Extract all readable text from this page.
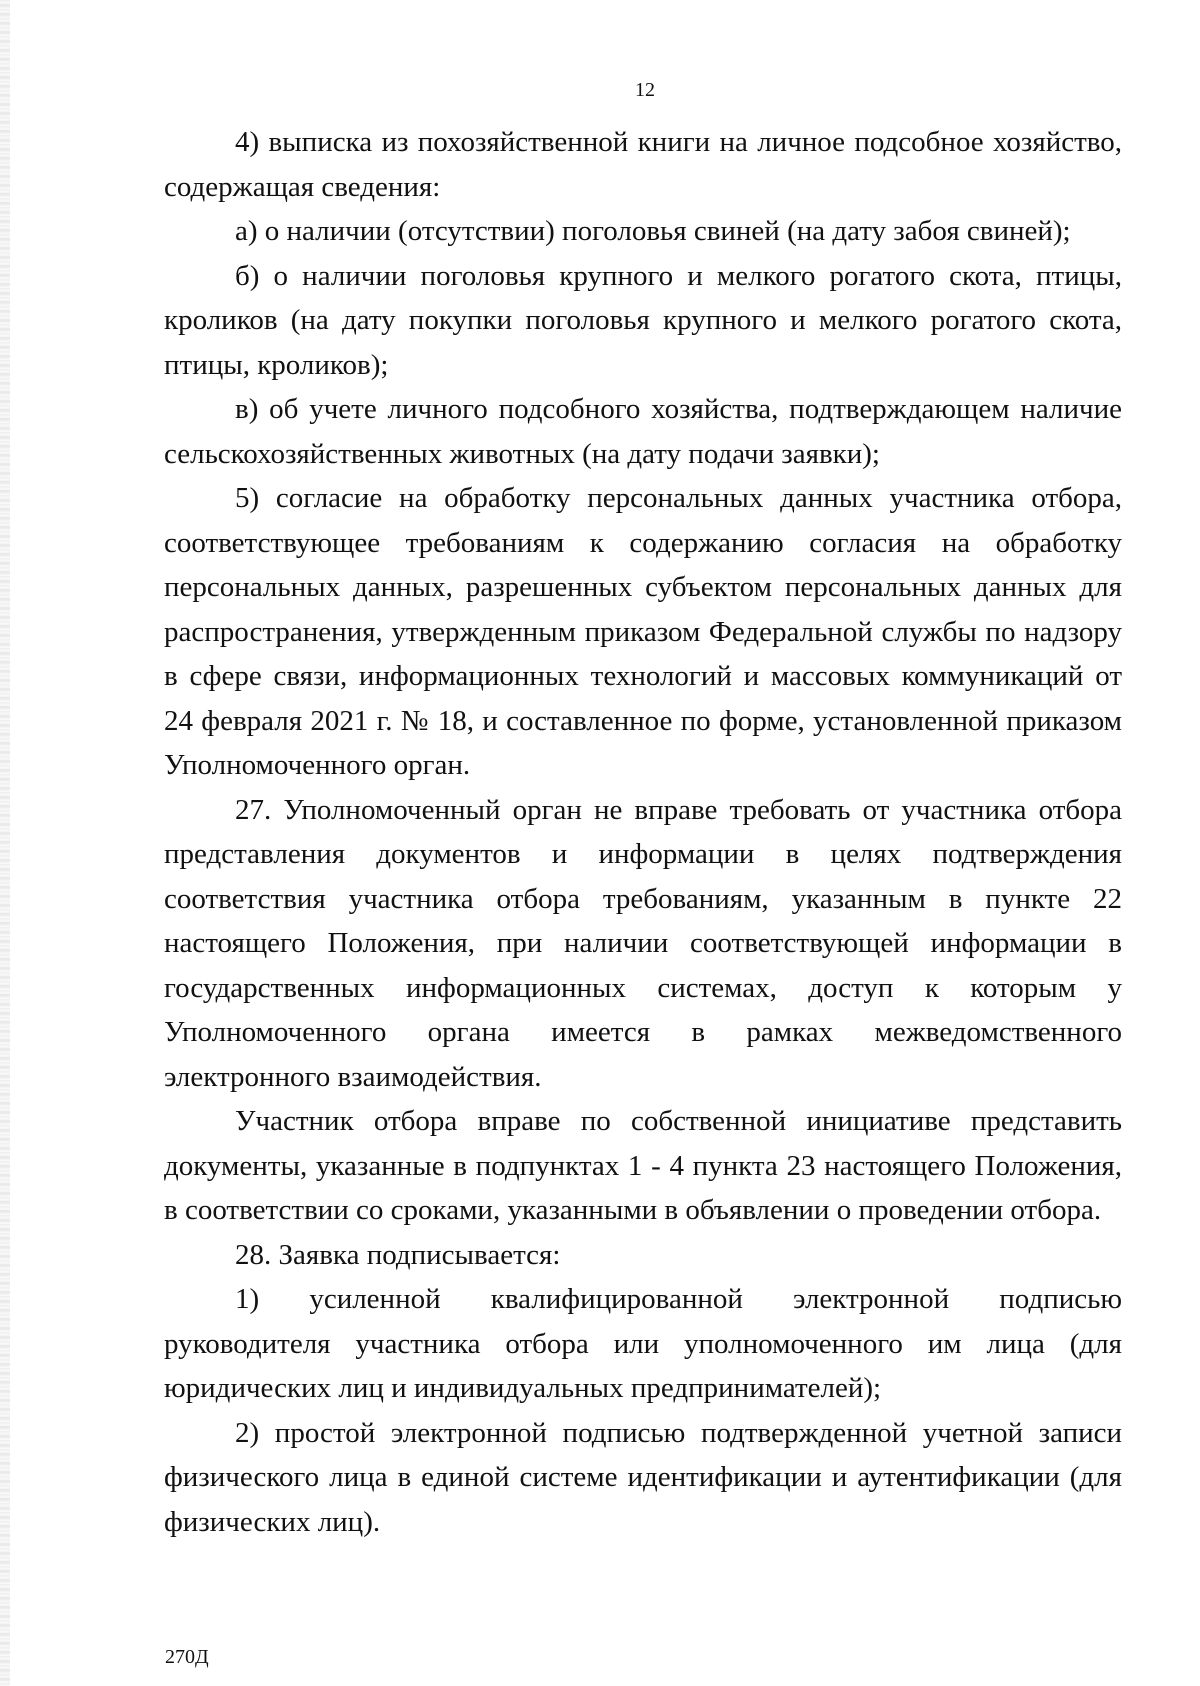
12

4) выписка из похозяйственной книги на личное подсобное хозяйство, содержащая сведения:

а) о наличии (отсутствии) поголовья свиней (на дату забоя свиней);

б) о наличии поголовья крупного и мелкого рогатого скота, птицы, кроликов (на дату покупки поголовья крупного и мелкого рогатого скота, птицы, кроликов);

в) об учете личного подсобного хозяйства, подтверждающем наличие сельскохозяйственных животных (на дату подачи заявки);

5) согласие на обработку персональных данных участника отбора, соответствующее требованиям к содержанию согласия на обработку персональных данных, разрешенных субъектом персональных данных для распространения, утвержденным приказом Федеральной службы по надзору в сфере связи, информационных технологий и массовых коммуникаций от 24 февраля 2021 г. № 18, и составленное по форме, установленной приказом Уполномоченного орган.

27. Уполномоченный орган не вправе требовать от участника отбора представления документов и информации в целях подтверждения соответствия участника отбора требованиям, указанным в пункте 22 настоящего Положения, при наличии соответствующей информации в государственных информационных системах, доступ к которым у Уполномоченного органа имеется в рамках межведомственного электронного взаимодействия.

Участник отбора вправе по собственной инициативе представить документы, указанные в подпунктах 1 - 4 пункта 23 настоящего Положения, в соответствии со сроками, указанными в объявлении о проведении отбора.

28. Заявка подписывается:

1) усиленной квалифицированной электронной подписью руководителя участника отбора или уполномоченного им лица (для юридических лиц и индивидуальных предпринимателей);

2) простой электронной подписью подтвержденной учетной записи физического лица в единой системе идентификации и аутентификации (для физических лиц).

270Д
